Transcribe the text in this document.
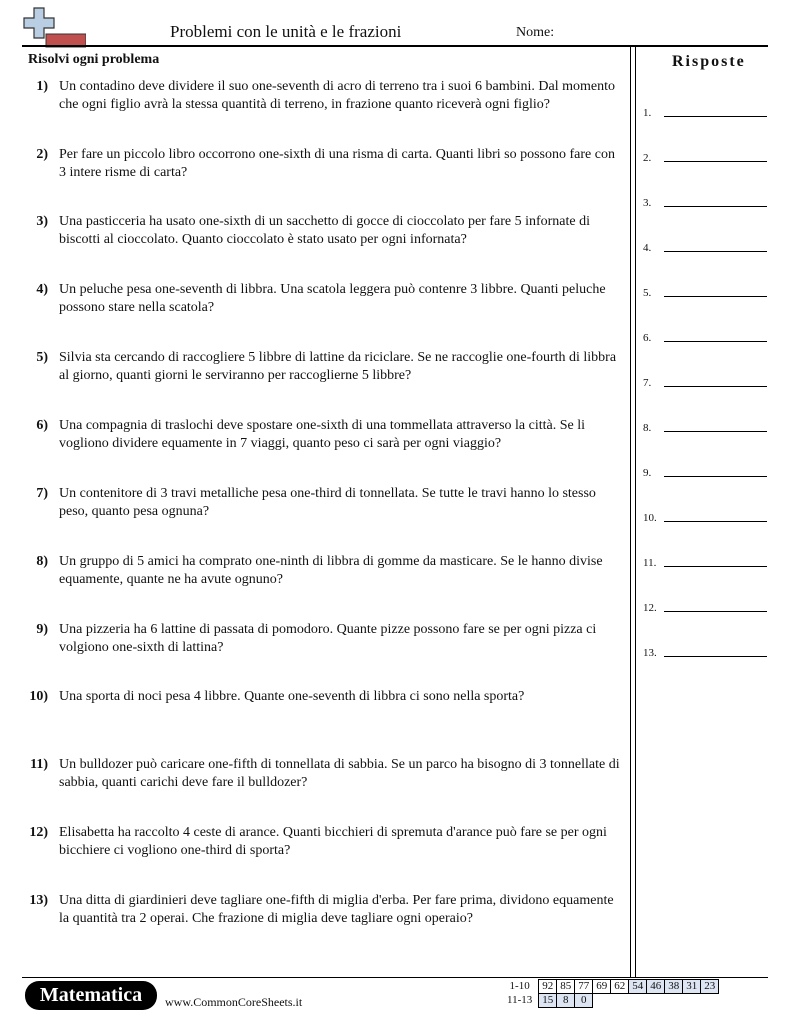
Problemi con le unità e le frazioni	Nome:
Risolvi ogni problema	Risposte
1) Un contadino deve dividere il suo one-seventh di acro di terreno tra i suoi 6 bambini. Dal momento che ogni figlio avrà la stessa quantità di terreno, in frazione quanto riceverà ogni figlio?
2) Per fare un piccolo libro occorrono one-sixth di una risma di carta. Quanti libri so possono fare con 3 intere risme di carta?
3) Una pasticceria ha usato one-sixth di un sacchetto di gocce di cioccolato per fare 5 infornate di biscotti al cioccolato. Quanto cioccolato è stato usato per ogni infornata?
4) Un peluche pesa one-seventh di libbra. Una scatola leggera può contenre 3 libbre. Quanti peluche possono stare nella scatola?
5) Silvia sta cercando di raccogliere 5 libbre di lattine da riciclare. Se ne raccoglie one-fourth di libbra al giorno, quanti giorni le serviranno per raccoglierne 5 libbre?
6) Una compagnia di traslochi deve spostare one-sixth di una tommellata attraverso la città. Se li vogliono dividere equamente in 7 viaggi, quanto peso ci sarà per ogni viaggio?
7) Un contenitore di 3 travi metalliche pesa one-third di tonnellata. Se tutte le travi hanno lo stesso peso, quanto pesa ognuna?
8) Un gruppo di 5 amici ha comprato one-ninth di libbra di gomme da masticare. Se le hanno divise equamente, quante ne ha avute ognuno?
9) Una pizzeria ha 6 lattine di passata di pomodoro. Quante pizze possono fare se per ogni pizza ci volgiono one-sixth di lattina?
10) Una sporta di noci pesa 4 libbre. Quante one-seventh di libbra ci sono nella sporta?
11) Un bulldozer può caricare one-fifth di tonnellata di sabbia. Se un parco ha bisogno di 3 tonnellate di sabbia, quanti carichi deve fare il bulldozer?
12) Elisabetta ha raccolto 4 ceste di arance. Quanti bicchieri di spremuta d'arance può fare se per ogni bicchiere ci vogliono one-third di sporta?
13) Una ditta di giardinieri deve tagliare one-fifth di miglia d'erba. Per fare prima, dividono equamente la quantità tra 2 operai. Che frazione di miglia deve tagliare ogni operaio?
1.
2.
3.
4.
5.
6.
7.
8.
9.
10.
11.
12.
13.
Matematica	www.CommonCoreSheets.it
1-10	92	85	77	69	62	54	46	38	31	23
11-13	15	8	0							
